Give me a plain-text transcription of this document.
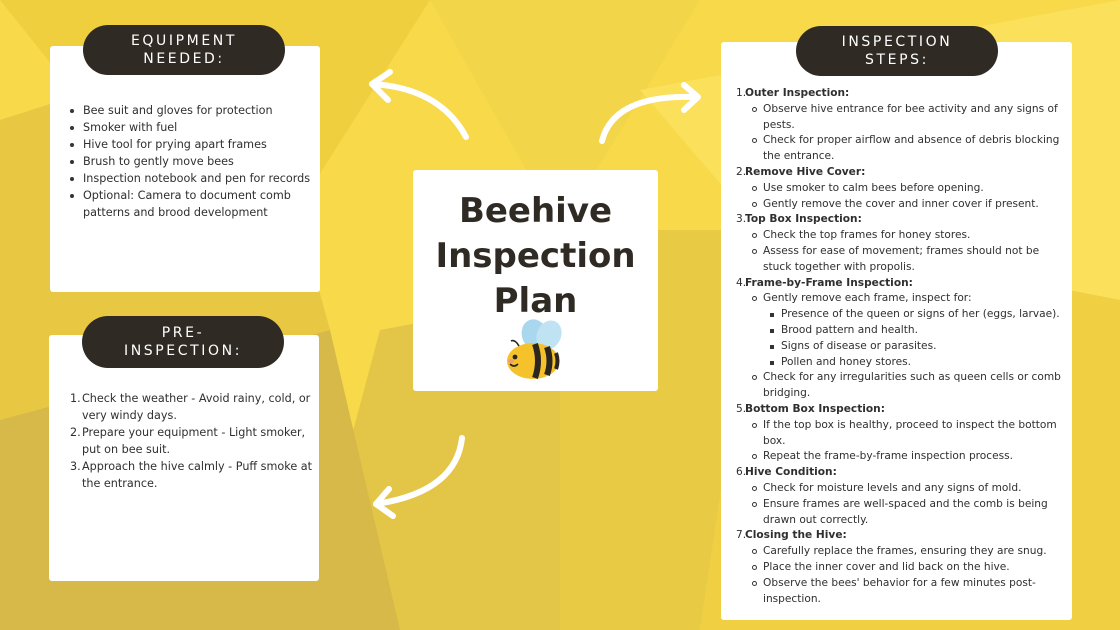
Bee suit and gloves for protection
Smoker with fuel
Hive tool for prying apart frames
Brush to gently move bees
Inspection notebook and pen for records
Optional: Camera to document comb patterns and brood development
EQUIPMENT
NEEDED:
Check the weather - Avoid rainy, cold, or very windy days.
Prepare your equipment - Light smoker, put on bee suit.
Approach the hive calmly - Puff smoke at the entrance.
PRE-
INSPECTION:
Beehive
Inspection
Plan
Outer Inspection:
Observe hive entrance for bee activity and any signs of pests.
Check for proper airflow and absence of debris blocking the entrance.
Remove Hive Cover:
Use smoker to calm bees before opening.
Gently remove the cover and inner cover if present.
Top Box Inspection:
Check the top frames for honey stores.
Assess for ease of movement; frames should not be stuck together with propolis.
Frame-by-Frame Inspection:
Gently remove each frame, inspect for:
Presence of the queen or signs of her (eggs, larvae).
Brood pattern and health.
Signs of disease or parasites.
Pollen and honey stores.
Check for any irregularities such as queen cells or comb bridging.
Bottom Box Inspection:
If the top box is healthy, proceed to inspect the bottom box.
Repeat the frame-by-frame inspection process.
Hive Condition:
Check for moisture levels and any signs of mold.
Ensure frames are well-spaced and the comb is being drawn out correctly.
Closing the Hive:
Carefully replace the frames, ensuring they are snug.
Place the inner cover and lid back on the hive.
Observe the bees' behavior for a few minutes post-inspection.
INSPECTION
STEPS:
